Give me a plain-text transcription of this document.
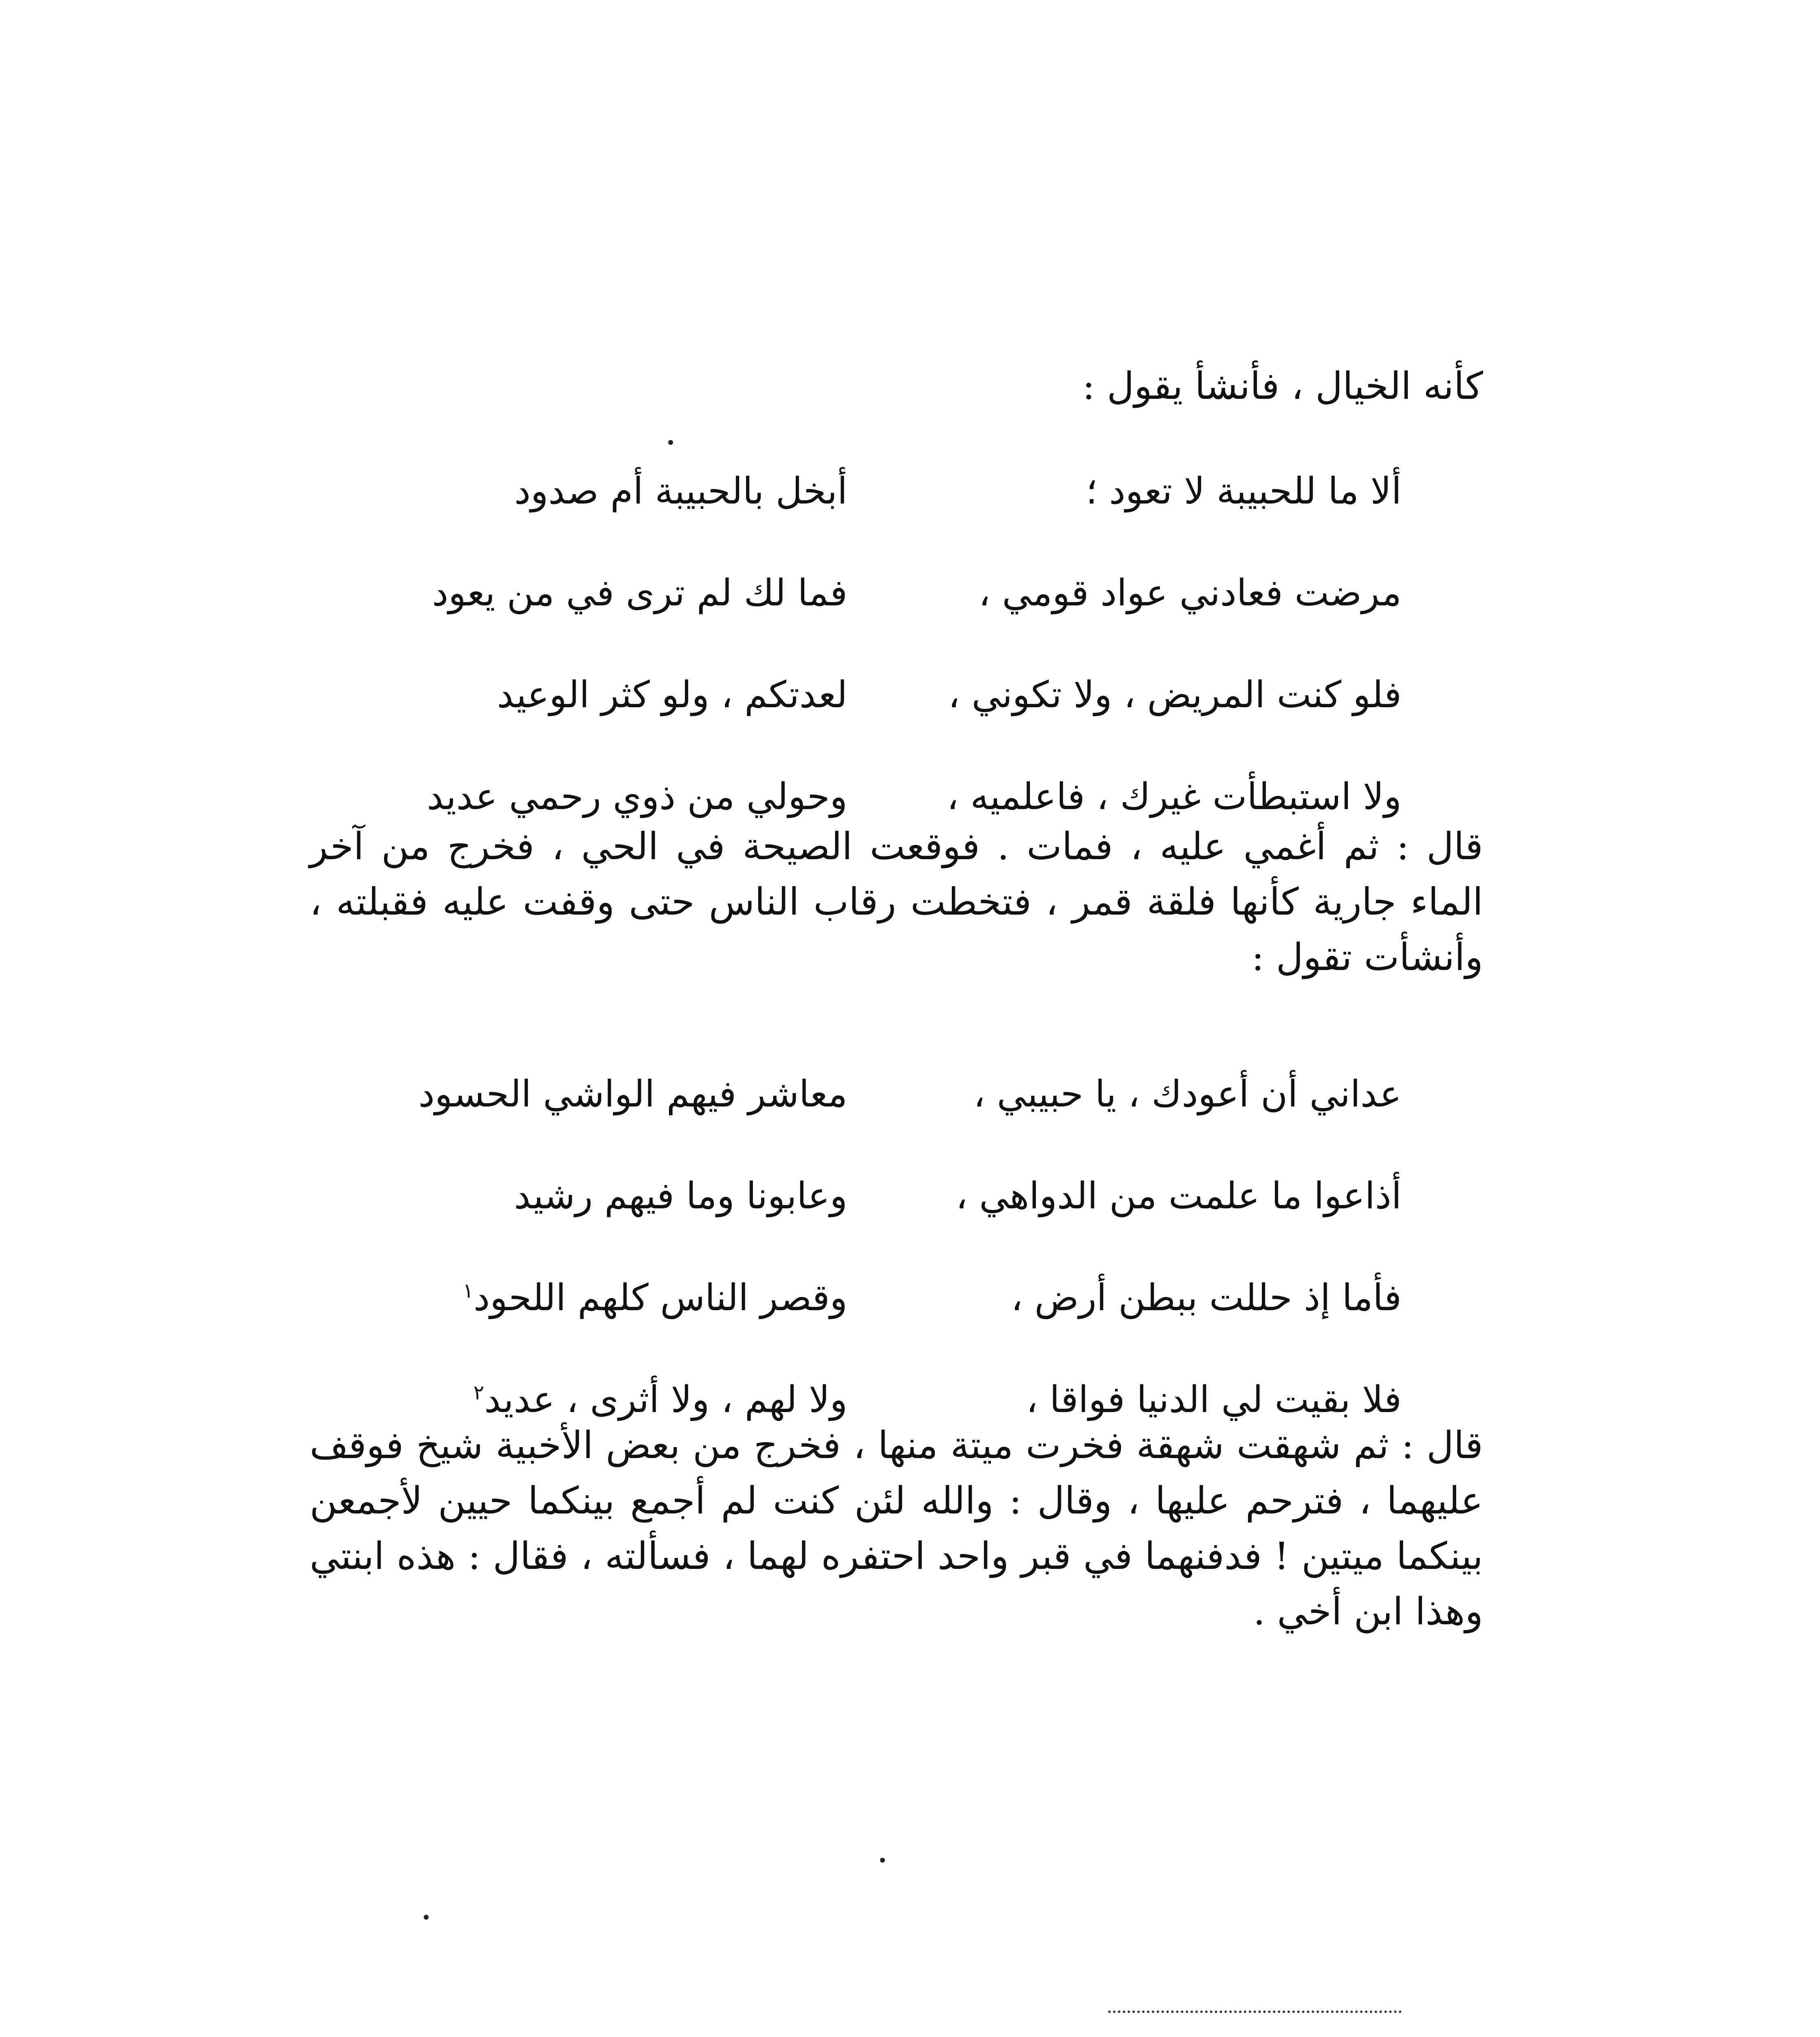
كأنه الخيال ، فأنشأ يقول :
ألا ما للحبيبة لا تعود ؛
أبخل بالحبيبة أم صدود
مرضت فعادني عواد قومي ،
فما لك لم ترى في من يعود
فلو كنت المريض ، ولا تكوني ،
لعدتكم ، ولو كثر الوعيد
ولا استبطأت غيرك ، فاعلميه ،
وحولي من ذوي رحمي عديد
قال : ثم أغمي عليه ، فمات . فوقعت الصيحة في الحي ، فخرج من آخر الماء جارية كأنها فلقة قمر ، فتخطت رقاب الناس حتى وقفت عليه فقبلته ، وأنشأت تقول :
عداني أن أعودك ، يا حبيبي ،
معاشر فيهم الواشي الحسود
أذاعوا ما علمت من الدواهي ،
وعابونا وما فيهم رشيد
فأما إذ حللت ببطن أرض ،
وقصر الناس كلهم اللحود$^١$
فلا بقيت لي الدنيا فواقا ،
ولا لهم ، ولا أثرى ، عديد$^٢$
قال : ثم شهقت شهقة فخرت ميتة منها ، فخرج من بعض الأخبية شيخ فوقف عليهما ، فترحم عليها ، وقال : والله لئن كنت لم أجمع بينكما حيين لأجمعن بينكما ميتين ! فدفنهما في قبر واحد احتفره لهما ، فسألته ، فقال : هذه ابنتي وهذا ابن أخي .
